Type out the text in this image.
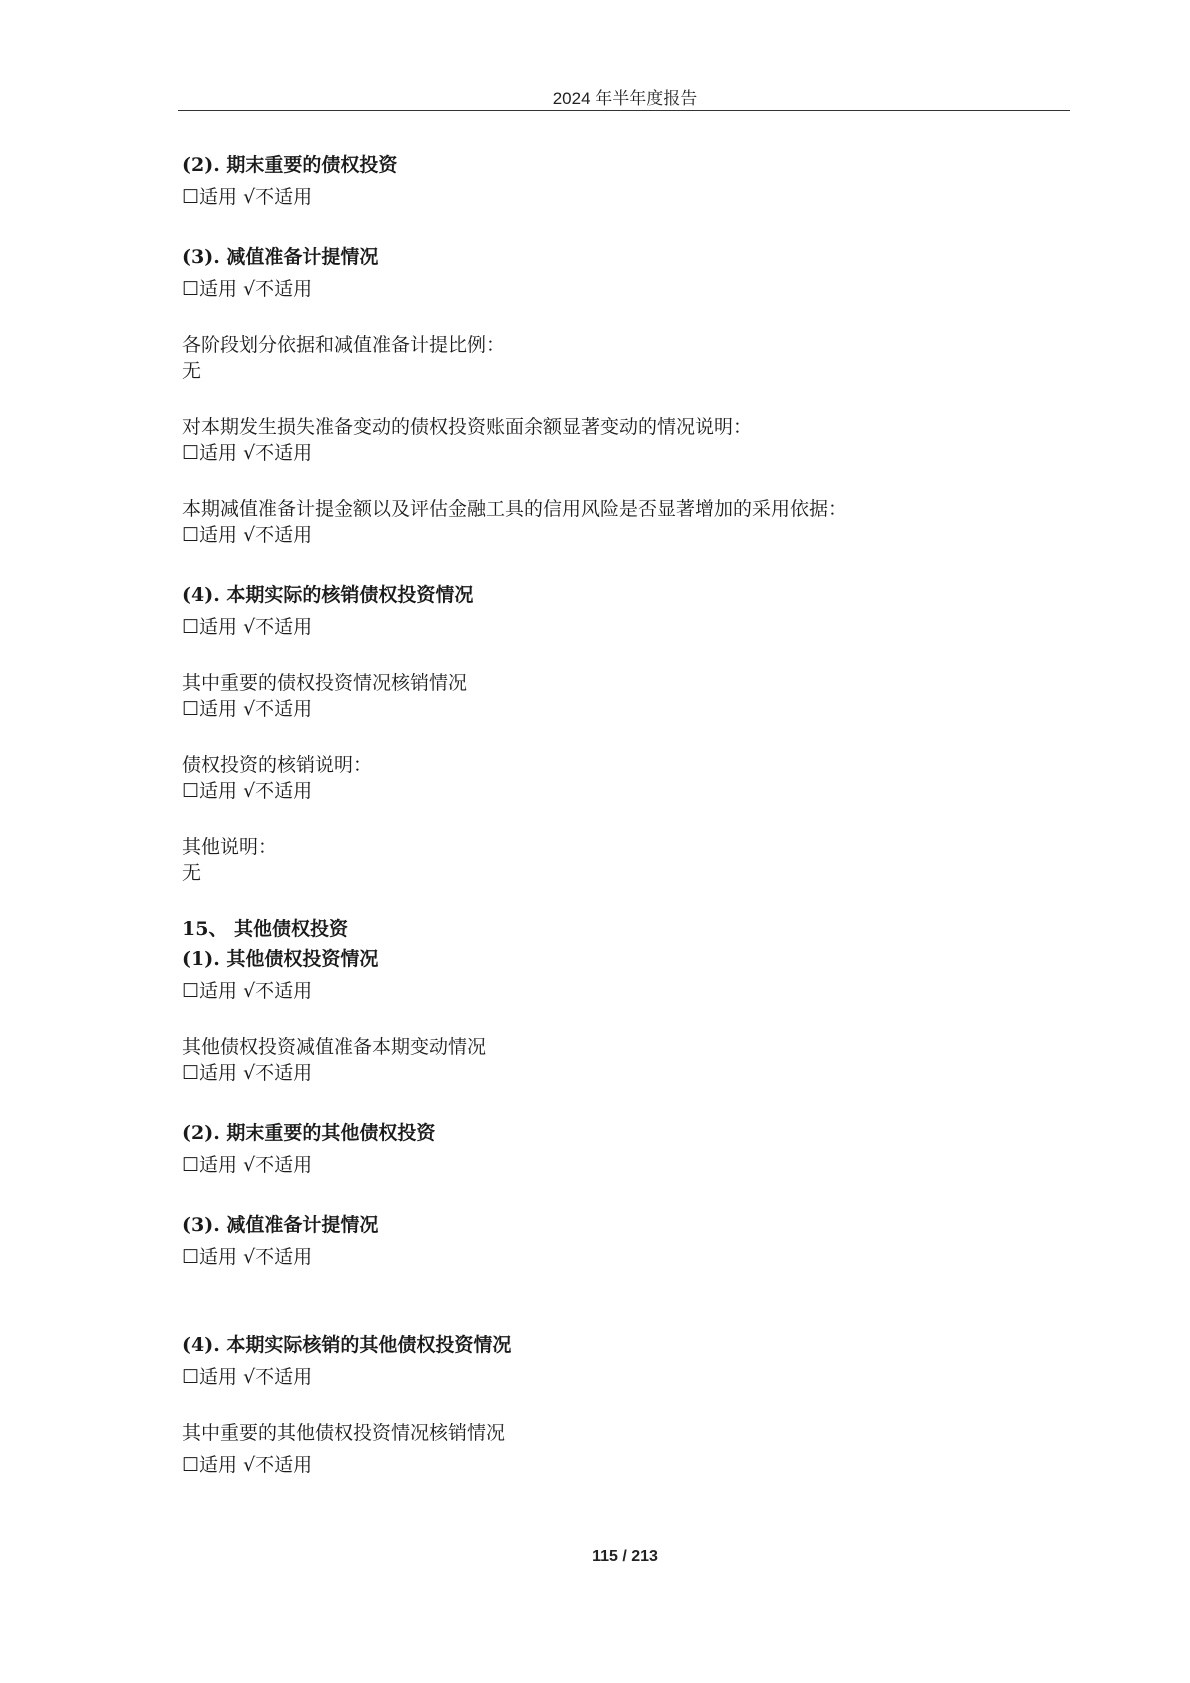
2024 年半年度报告
(2). 期末重要的债权投资
☐适用 √不适用
(3). 减值准备计提情况
☐适用 √不适用
各阶段划分依据和减值准备计提比例：
无
对本期发生损失准备变动的债权投资账面余额显著变动的情况说明：
☐适用 √不适用
本期减值准备计提金额以及评估金融工具的信用风险是否显著增加的采用依据：
☐适用 √不适用
(4). 本期实际的核销债权投资情况
☐适用 √不适用
其中重要的债权投资情况核销情况
☐适用 √不适用
债权投资的核销说明：
☐适用 √不适用
其他说明：
无
15、 其他债权投资
(1). 其他债权投资情况
☐适用 √不适用
其他债权投资减值准备本期变动情况
☐适用 √不适用
(2). 期末重要的其他债权投资
☐适用 √不适用
(3). 减值准备计提情况
☐适用 √不适用
(4). 本期实际核销的其他债权投资情况
☐适用 √不适用
其中重要的其他债权投资情况核销情况
☐适用 √不适用
115 / 213
